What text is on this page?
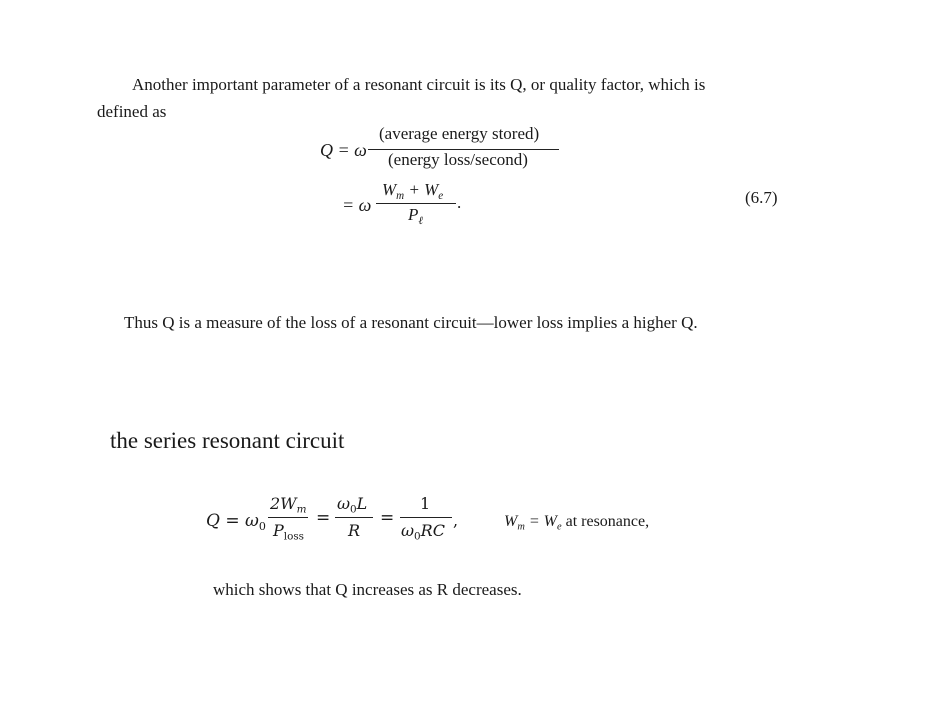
Another important parameter of a resonant circuit is its Q, or quality factor, which is
defined as
Q = ω
(average energy stored)
(energy loss/second)
= ω
$W_m + W_e$
$P_\ell$
.	(6.7)
Thus Q is a measure of the loss of a resonant circuit—lower loss implies a higher Q.
the series resonant circuit
$Q = \omega_0$
$2W_m$
$P_{loss}$
=
$\omega_0L$
R
=
1
$\omega_0RC$
,	$W_m = W_e$ at resonance,
which shows that Q increases as R decreases.
